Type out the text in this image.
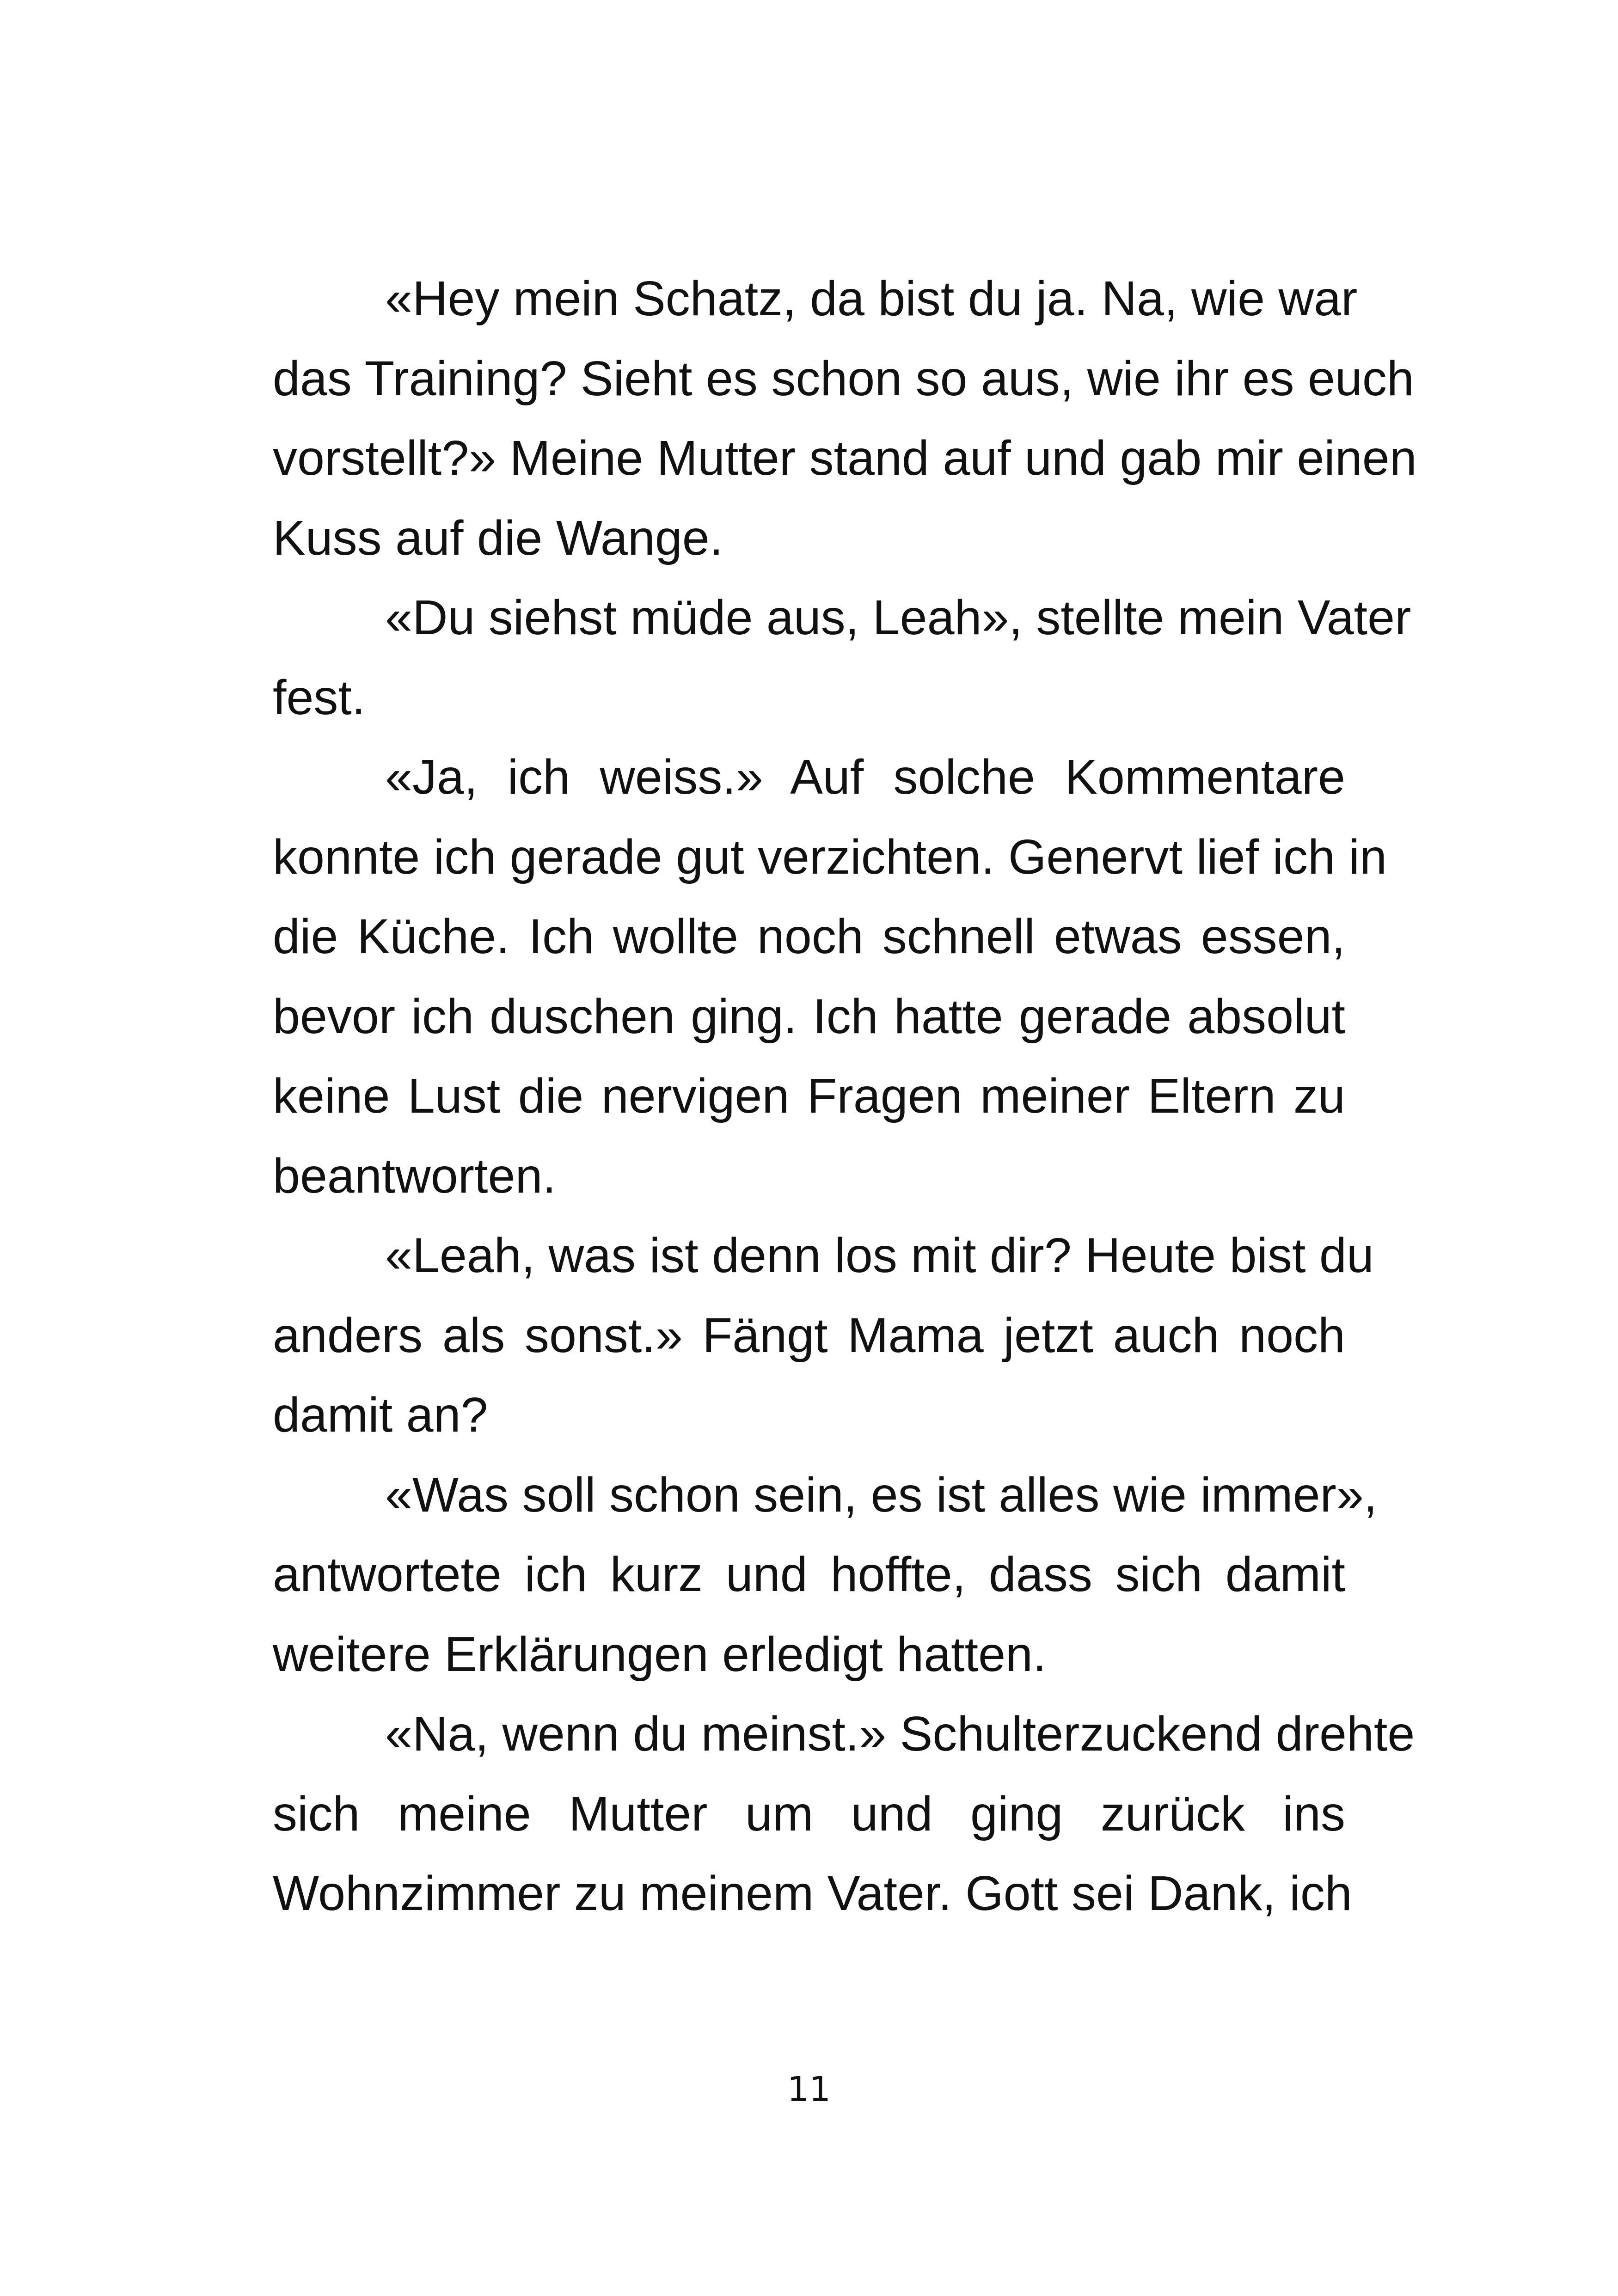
«Hey mein Schatz, da bist du ja. Na, wie war
das Training? Sieht es schon so aus, wie ihr es euch
vorstellt?» Meine Mutter stand auf und gab mir einen
Kuss auf die Wange.
«Du siehst müde aus, Leah», stellte mein Vater
fest.
«Ja, ich weiss.» Auf solche Kommentare
konnte ich gerade gut verzichten. Genervt lief ich in
die Küche. Ich wollte noch schnell etwas essen,
bevor ich duschen ging. Ich hatte gerade absolut
keine Lust die nervigen Fragen meiner Eltern zu
beantworten.
«Leah, was ist denn los mit dir? Heute bist du
anders als sonst.» Fängt Mama jetzt auch noch
damit an?
«Was soll schon sein, es ist alles wie immer»,
antwortete ich kurz und hoffte, dass sich damit
weitere Erklärungen erledigt hatten.
«Na, wenn du meinst.» Schulterzuckend drehte
sich meine Mutter um und ging zurück ins
Wohnzimmer zu meinem Vater. Gott sei Dank, ich
11
